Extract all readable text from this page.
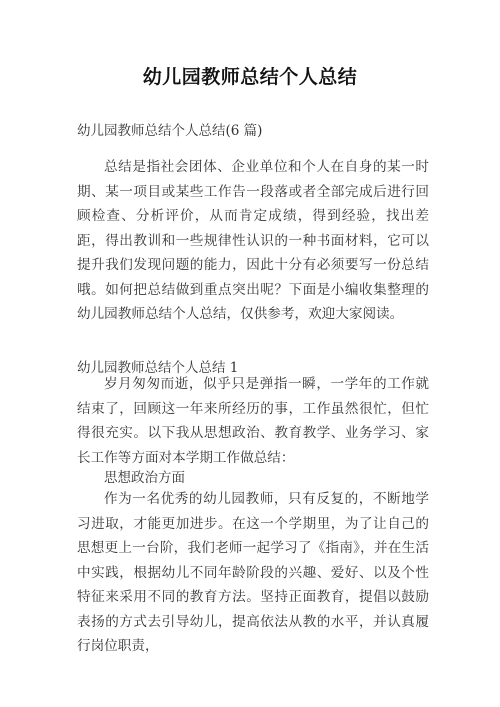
幼儿园教师总结个人总结
幼儿园教师总结个人总结(6 篇)

总结是指社会团体、企业单位和个人在自身的某一时期、某一项目或某些工作告一段落或者全部完成后进行回顾检查、分析评价，从而肯定成绩，得到经验，找出差距，得出教训和一些规律性认识的一种书面材料，它可以提升我们发现问题的能力，因此十分有必须要写一份总结哦。如何把总结做到重点突出呢？下面是小编收集整理的幼儿园教师总结个人总结，仅供参考，欢迎大家阅读。

幼儿园教师总结个人总结 1

岁月匆匆而逝，似乎只是弹指一瞬，一学年的工作就结束了，回顾这一年来所经历的事，工作虽然很忙，但忙得很充实。以下我从思想政治、教育教学、业务学习、家长工作等方面对本学期工作做总结：

思想政治方面

作为一名优秀的幼儿园教师，只有反复的，不断地学习进取，才能更加进步。在这一个学期里，为了让自己的思想更上一台阶，我们老师一起学习了《指南》，并在生活中实践，根据幼儿不同年龄阶段的兴趣、爱好、以及个性特征来采用不同的教育方法。坚持正面教育，提倡以鼓励表扬的方式去引导幼儿，提高依法从教的水平，并认真履行岗位职责，
